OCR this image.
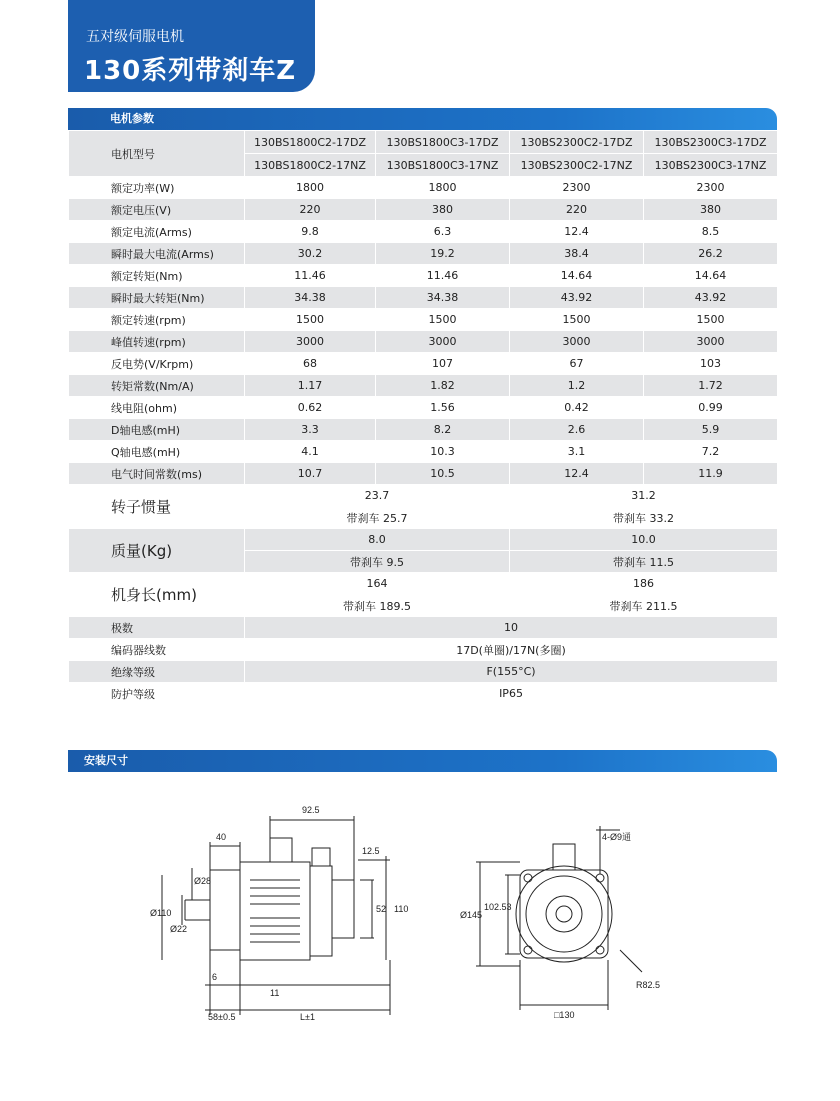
五对级伺服电机
130系列带刹车Z
电机参数
电机型号	130BS1800C2-17DZ	130BS1800C3-17DZ	130BS2300C2-17DZ	130BS2300C3-17DZ
	130BS1800C2-17NZ	130BS1800C3-17NZ	130BS2300C2-17NZ	130BS2300C3-17NZ
额定功率(W)	1800	1800	2300	2300
额定电压(V)	220	380	220	380
额定电流(Arms)	9.8	6.3	12.4	8.5
瞬时最大电流(Arms)	30.2	19.2	38.4	26.2
额定转矩(Nm)	11.46	11.46	14.64	14.64
瞬时最大转矩(Nm)	34.38	34.38	43.92	43.92
额定转速(rpm)	1500	1500	1500	1500
峰值转速(rpm)	3000	3000	3000	3000
反电势(V/Krpm)	68	107	67	103
转矩常数(Nm/A)	1.17	1.82	1.2	1.72
线电阻(ohm)	0.62	1.56	0.42	0.99
D轴电感(mH)	3.3	8.2	2.6	5.9
Q轴电感(mH)	4.1	10.3	3.1	7.2
电气时间常数(ms)	10.7	10.5	12.4	11.9
转子惯量	23.7		31.2	
	带刹车 25.7		带刹车 33.2	
质量(Kg)	8.0		10.0	
	带刹车 9.5		带刹车 11.5	
机身长(mm)	164		186	
	带刹车 189.5		带刹车 211.5	
极数	10			
编码器线数	17D(单圈)/17N(多圈)			
绝缘等级	F(155°C)			
防护等级	IP65			
安装尺寸
92.5
40
12.5
110
52
Ø28
Ø110
Ø22
6
11
58±0.5	L±1
4-Ø9通
Ø145
102.53
□130
R82.5
